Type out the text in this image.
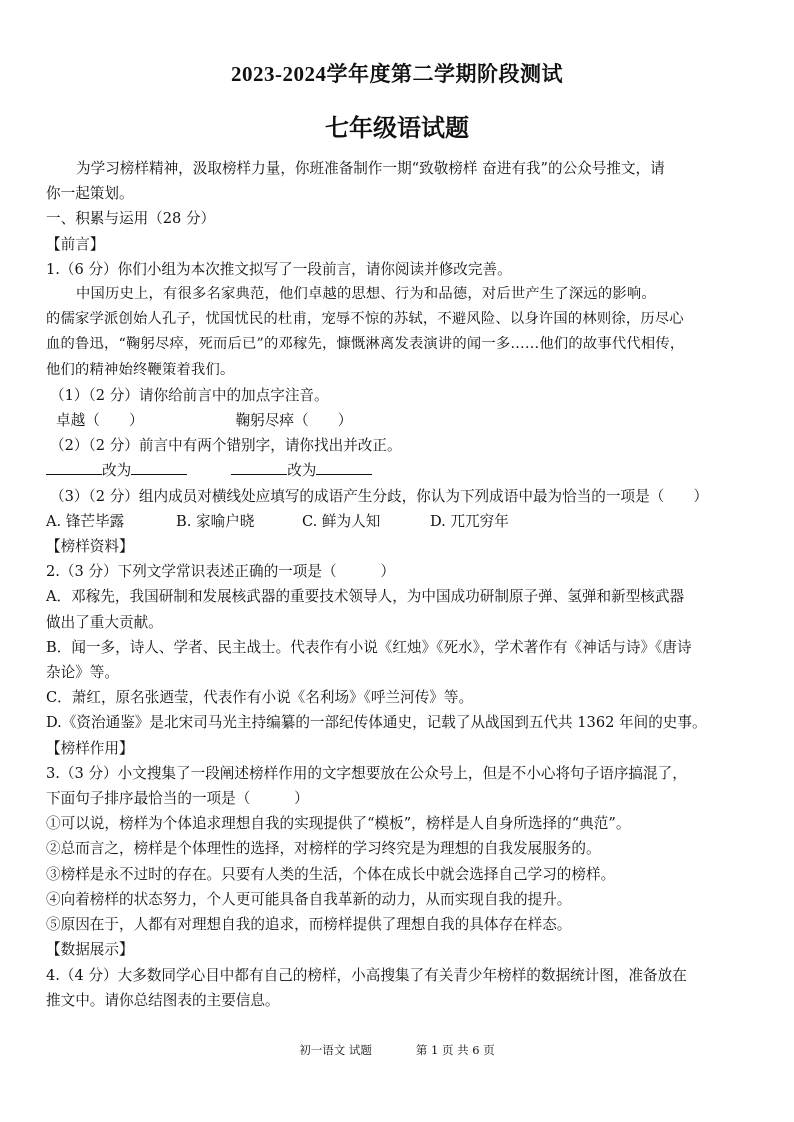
2023-2024学年度第二学期阶段测试
七年级语试题
为学习榜样精神，汲取榜样力量，你班准备制作一期“致敬榜样 奋进有我”的公众号推文，请
你一起策划。
一、积累与运用（28 分）
【前言】
1.（6 分）你们小组为本次推文拟写了一段前言，请你阅读并修改完善。
中国历史上，有很多名家典范，他们卓越的思想、行为和品德，对后世产生了深远的影响。
的儒家学派创始人孔子，忧国忧民的杜甫，宠辱不惊的苏轼，不避风险、以身许国的林则徐，历尽心
血的鲁迅，“鞠躬尽瘁，死而后已”的邓稼先，慷慨淋离发表演讲的闻一多……他们的故事代代相传，
他们的精神始终鞭策着我们。
（1）（2 分）请你给前言中的加点字注音。
卓越（　　）	鞠躬尽瘁（　　）
（2）（2 分）前言中有两个错别字，请你找出并改正。
改为	改为
（3）（2 分）组内成员对横线处应填写的成语产生分歧，你认为下列成语中最为恰当的一项是（　　）
A. 锋芒毕露	B. 家喻户晓	C. 鲜为人知	D. 兀兀穷年
【榜样资料】
2.（3 分）下列文学常识表述正确的一项是（　　　）
A．邓稼先，我国研制和发展核武器的重要技术领导人，为中国成功研制原子弹、氢弹和新型核武器
做出了重大贡献。
B．闻一多，诗人、学者、民主战士。代表作有小说《红烛》《死水》，学术著作有《神话与诗》《唐诗
杂论》等。
C．萧红，原名张迺莹，代表作有小说《名利场》《呼兰河传》等。
D.《资治通鉴》是北宋司马光主持编纂的一部纪传体通史，记载了从战国到五代共 1362 年间的史事。
【榜样作用】
3.（3 分）小文搜集了一段阐述榜样作用的文字想要放在公众号上，但是不小心将句子语序搞混了，
下面句子排序最恰当的一项是（　　　）
①可以说，榜样为个体追求理想自我的实现提供了“模板”，榜样是人自身所选择的“典范”。
②总而言之，榜样是个体理性的选择，对榜样的学习终究是为理想的自我发展服务的。
③榜样是永不过时的存在。只要有人类的生活，个体在成长中就会选择自己学习的榜样。
④向着榜样的状态努力，个人更可能具备自我革新的动力，从而实现自我的提升。
⑤原因在于，人都有对理想自我的追求，而榜样提供了理想自我的具体存在样态。
【数据展示】
4.（4 分）大多数同学心目中都有自己的榜样，小高搜集了有关青少年榜样的数据统计图，准备放在
推文中。请你总结图表的主要信息。
初一语文 试题	第 1 页 共 6 页
